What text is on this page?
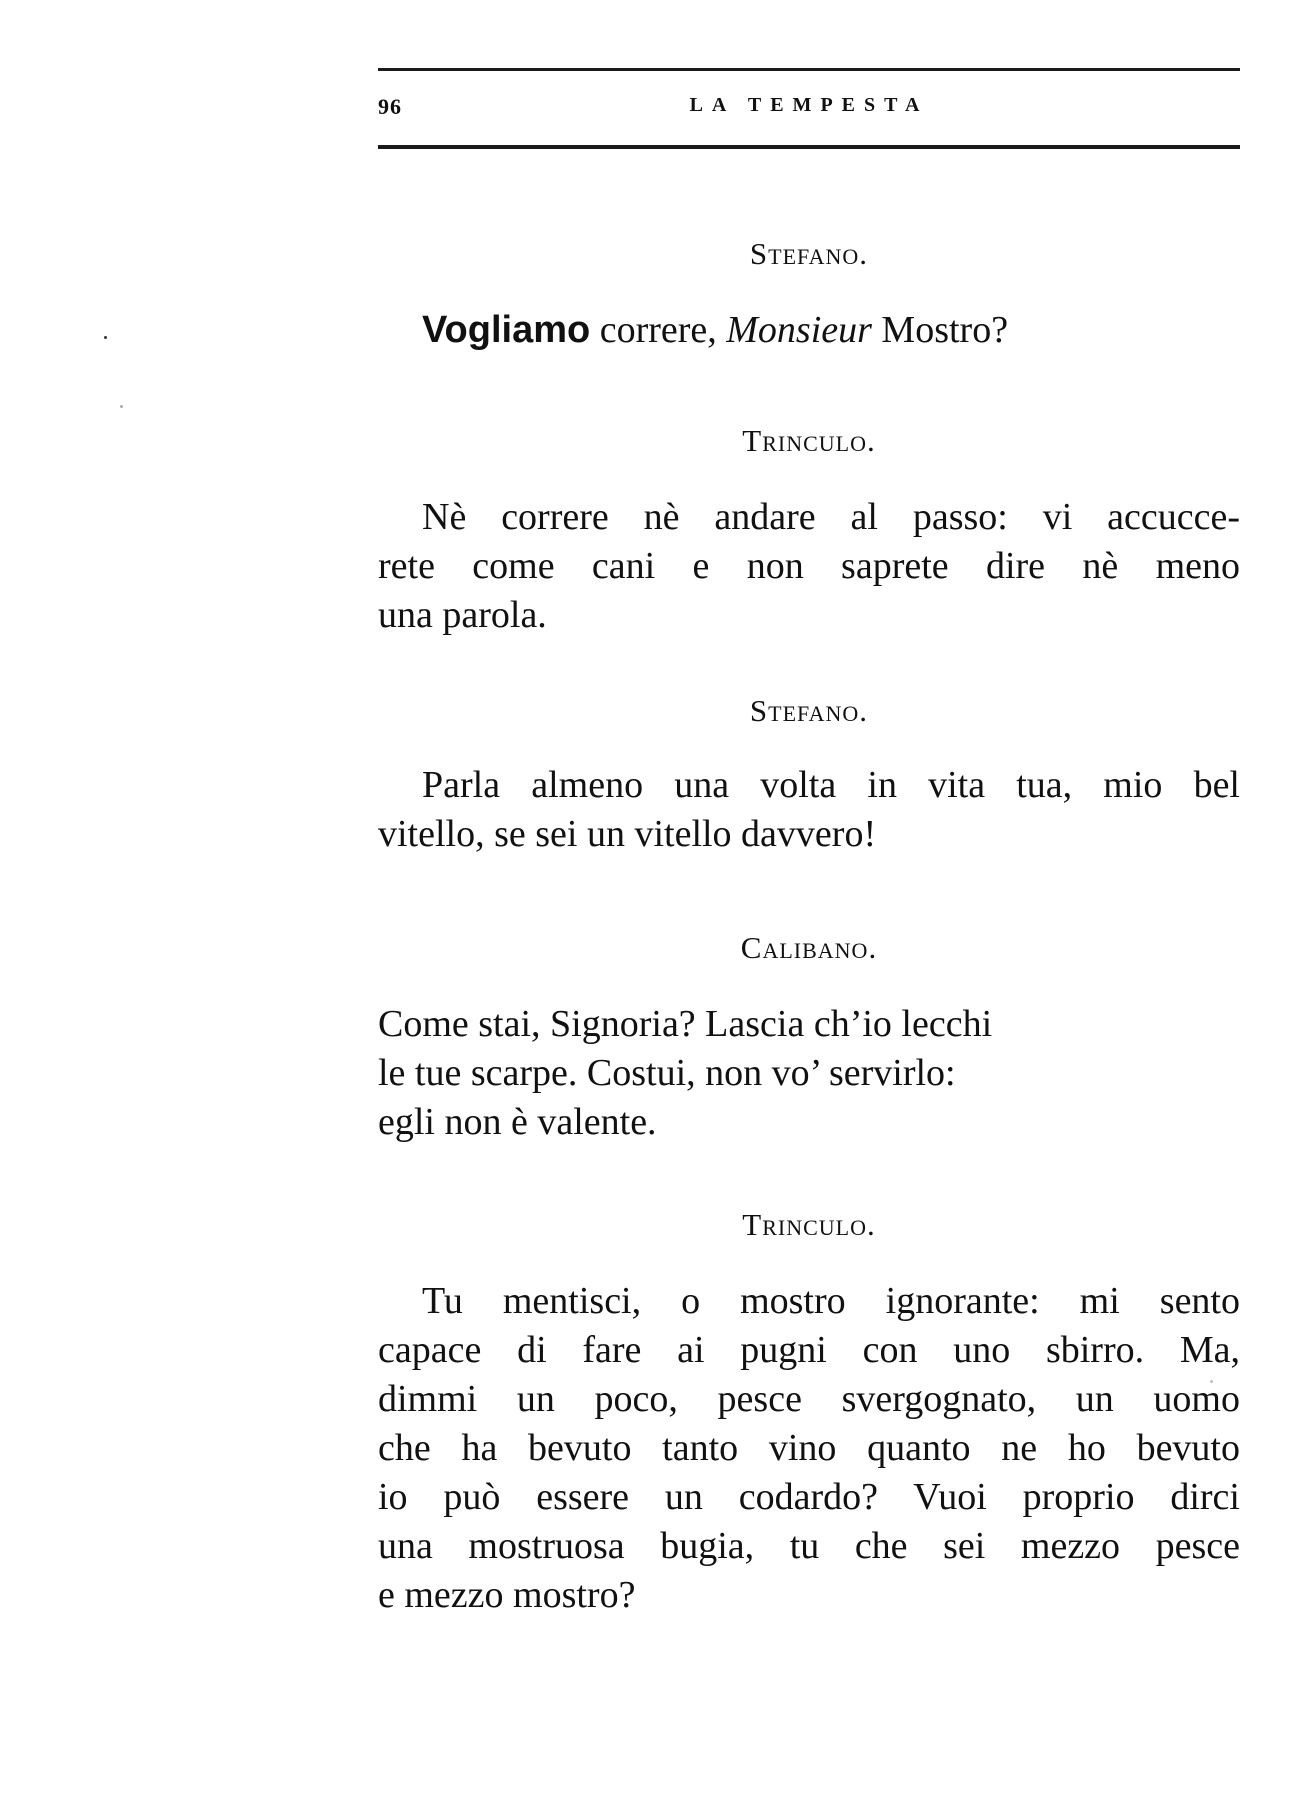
96	LA TEMPESTA
Stefano.
Vogliamo correre, Monsieur Mostro?
Trinculo.
Nè correre nè andare al passo: vi accucce-
rete come cani e non saprete dire nè meno
una parola.
Stefano.
Parla almeno una volta in vita tua, mio bel
vitello, se sei un vitello davvero!
Calibano.
Come stai, Signoria? Lascia ch’io lecchi
le tue scarpe. Costui, non vo’ servirlo:
egli non è valente.
Trinculo.
Tu mentisci, o mostro ignorante: mi sento
capace di fare ai pugni con uno sbirro. Ma,
dimmi un poco, pesce svergognato, un uomo
che ha bevuto tanto vino quanto ne ho bevuto
io può essere un codardo? Vuoi proprio dirci
una mostruosa bugia, tu che sei mezzo pesce
e mezzo mostro?
